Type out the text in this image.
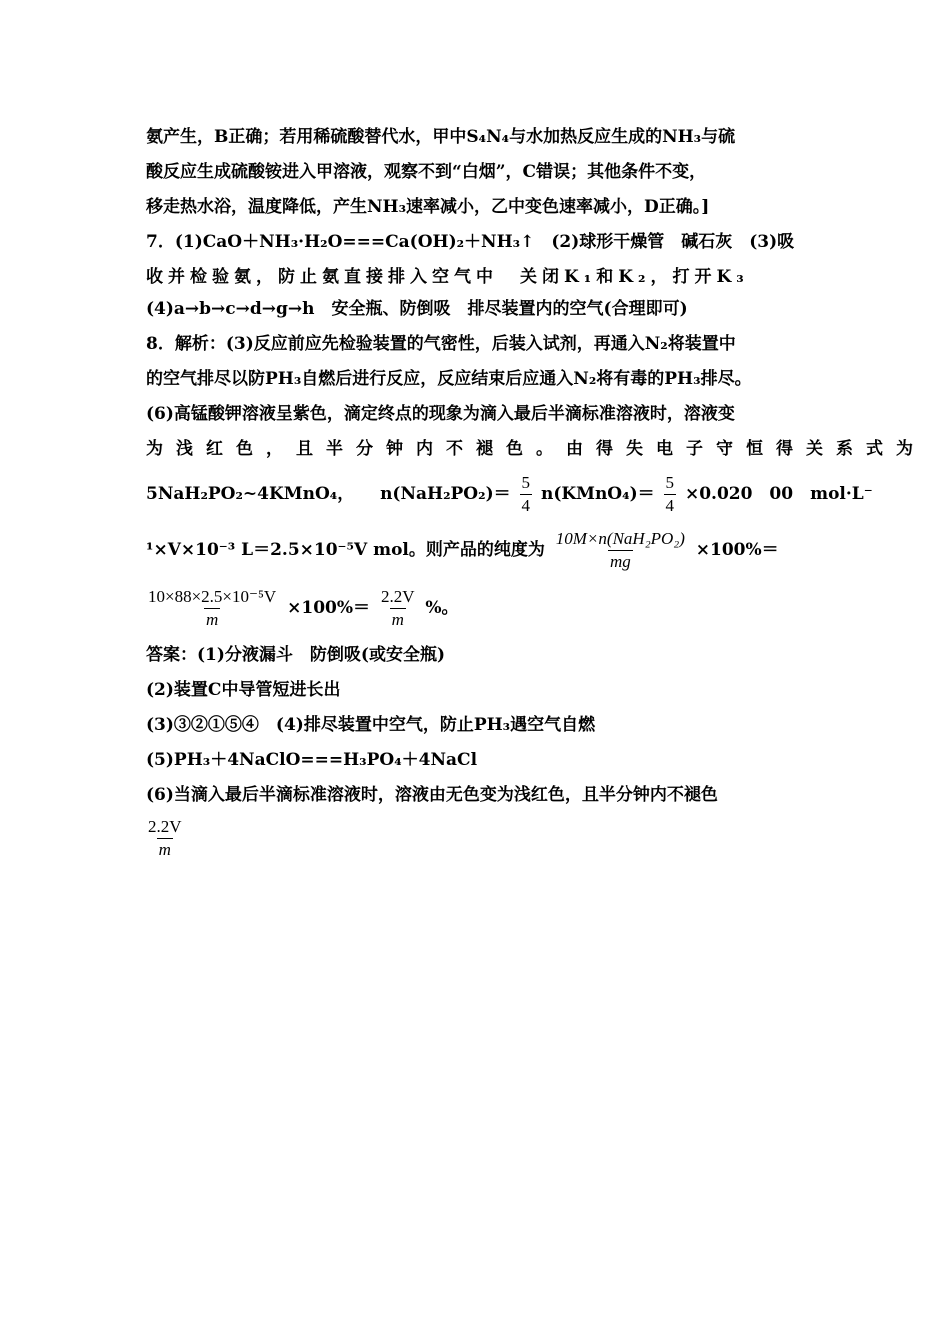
氨产生，B正确；若用稀硫酸替代水，甲中S₄N₄与水加热反应生成的NH₃与硫
酸反应生成硫酸铵进入甲溶液，观察不到“白烟”，C错误；其他条件不变，
移走热水浴，温度降低，产生NH₃速率减小，乙中变色速率减小，D正确。]
7．(1)CaO＋NH₃·H₂O===Ca(OH)₂＋NH₃↑　(2)球形干燥管　碱石灰　(3)吸
收并检验氨，防止氨直接排入空气中　关闭K₁和K₂，打开K₃
(4)a→b→c→d→g→h　安全瓶、防倒吸　排尽装置内的空气(合理即可)
8．解析：(3)反应前应先检验装置的气密性，后装入试剂，再通入N₂将装置中
的空气排尽以防PH₃自燃后进行反应，反应结束后应通入N₂将有毒的PH₃排尽。
(6)高锰酸钾溶液呈紫色，滴定终点的现象为滴入最后半滴标准溶液时，溶液变
为浅红色，且半分钟内不褪色。由得失电子守恒得关系式为
5NaH₂PO₂~4KMnO₄， $n(NaH_2PO_2)= \frac{5}{4}$ n(KMnO₄)＝ $\frac{5}{4} \times 0.020$　00　mol·L⁻
¹×V×10⁻³ L＝2.5×10⁻⁵V mol。则产品的纯度为 $\frac{\text{10M×n(NaH₂PO₂)}}{mg} \times 100\%=$
$\frac{\text{10×88×2.5×10⁻⁵V}}{m} \times 100\%= \frac{2.2V}{m}$ %。
答案：(1)分液漏斗　防倒吸(或安全瓶)
(2)装置C中导管短进长出
(3)③②①⑤④　(4)排尽装置中空气，防止PH₃遇空气自燃
(5)PH₃＋4NaClO===H₃PO₄＋4NaCl
(6)当滴入最后半滴标准溶液时，溶液由无色变为浅红色，且半分钟内不褪色
$\frac{2.2V}{m}$
